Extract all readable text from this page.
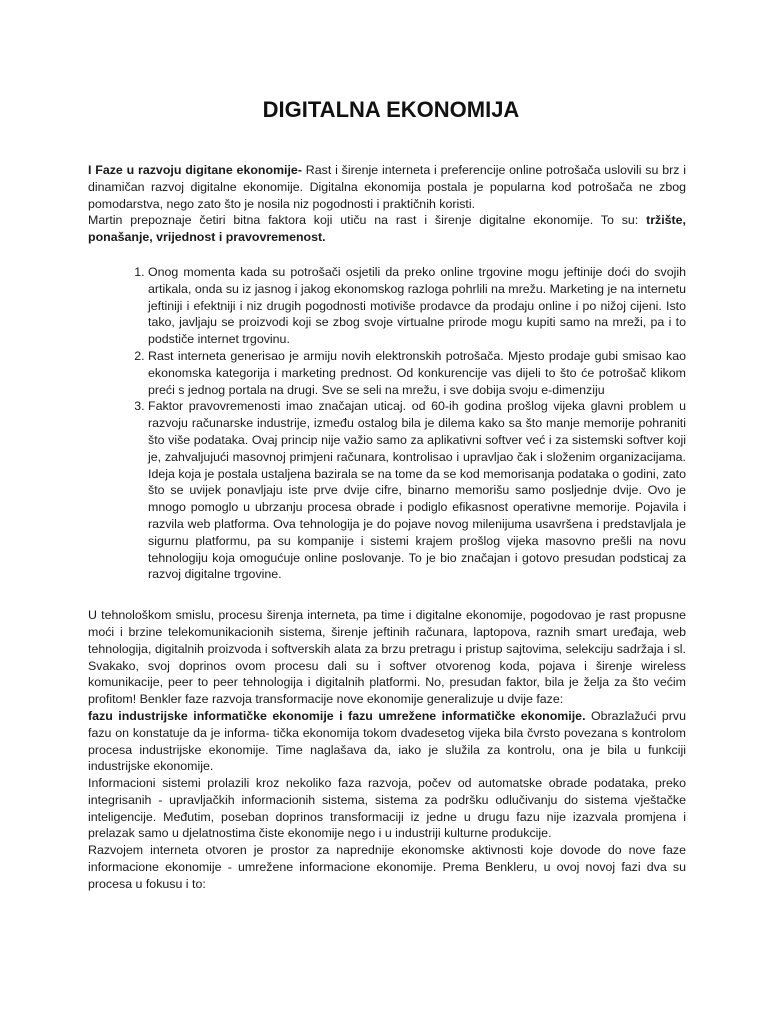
DIGITALNA EKONOMIJA

I Faze u razvoju digitane ekonomije- Rast i širenje interneta i preferencije online potrošača uslovili su brz i dinamičan razvoj digitalne ekonomije. Digitalna ekonomija postala je popularna kod potrošača ne zbog pomodarstva, nego zato što je nosila niz pogodnosti i praktičnih koristi.

Martin prepoznaje četiri bitna faktora koji utiču na rast i širenje digitalne ekonomije. To su: tržište, ponašanje, vrijednost i pravovremenost.

1. Onog momenta kada su potrošači osjetili da preko online trgovine mogu jeftinije doći do svojih artikala, onda su iz jasnog i jakog ekonomskog razloga pohrlili na mrežu. Marketing je na internetu jeftiniji i efektniji i niz drugih pogodnosti motiviše prodavce da prodaju online i po nižoj cijeni. Isto tako, javljaju se proizvodi koji se zbog svoje virtualne prirode mogu kupiti samo na mreži, pa i to podstiče internet trgovinu.
2. Rast interneta generisao je armiju novih elektronskih potrošača. Mjesto prodaje gubi smisao kao ekonomska kategorija i marketing prednost. Od konkurencije vas dijeli to što će potrošač klikom preći s jednog portala na drugi. Sve se seli na mrežu, i sve dobija svoju e-dimenziju
3. Faktor pravovremenosti imao značajan uticaj. od 60-ih godina prošlog vijeka glavni problem u razvoju računarske industrije, između ostalog bila je dilema kako sa što manje memorije pohraniti što više podataka. Ovaj princip nije važio samo za aplikativni softver već i za sistemski softver koji je, zahvaljujući masovnoj primjeni računara, kontrolisao i upravljao čak i složenim organizacijama. Ideja koja je postala ustaljena bazirala se na tome da se kod memorisanja podataka o godini, zato što se uvijek ponavljaju iste prve dvije cifre, binarno memorišu samo posljednje dvije. Ovo je mnogo pomoglo u ubrzanju procesa obrade i podiglo efikasnost operativne memorije. Pojavila i razvila web platforma. Ova tehnologija je do pojave novog milenijuma usavršena i predstavljala je sigurnu platformu, pa su kompanije i sistemi krajem prošlog vijeka masovno prešli na novu tehnologiju koja omogućuje online poslovanje. To je bio značajan i gotovo presudan podsticaj za razvoj digitalne trgovine.

U tehnološkom smislu, procesu širenja interneta, pa time i digitalne ekonomije, pogodovao je rast propusne moći i brzine telekomunikacionih sistema, širenje jeftinih računara, laptopova, raznih smart uređaja, web tehnologija, digitalnih proizvoda i softverskih alata za brzu pretragu i pristup sajtovima, selekciju sadržaja i sl. Svakako, svoj doprinos ovom procesu dali su i softver otvorenog koda, pojava i širenje wireless komunikacije, peer to peer tehnologija i digitalnih platformi. No, presudan faktor, bila je želja za što većim profitom! Benkler faze razvoja transformacije nove ekonomije generalizuje u dvije faze:

fazu industrijske informatičke ekonomije i fazu umrežene informatičke ekonomije. Obrazlažući prvu fazu on konstatuje da je informa- tička ekonomija tokom dvadesetog vijeka bila čvrsto povezana s kontrolom procesa industrijske ekonomije. Time naglašava da, iako je služila za kontrolu, ona je bila u funkciji industrijske ekonomije.

Informacioni sistemi prolazili kroz nekoliko faza razvoja, počev od automatske obrade podataka, preko integrisanih - upravljačkih informacionih sistema, sistema za podršku odlučivanju do sistema vještačke inteligencije. Međutim, poseban doprinos transformaciji iz jedne u drugu fazu nije izazvala promjena i prelazak samo u djelatnostima čiste ekonomije nego i u industriji kulturne produkcije.

Razvojem interneta otvoren je prostor za naprednije ekonomske aktivnosti koje dovode do nove faze informacione ekonomije - umrežene informacione ekonomije. Prema Benkleru, u ovoj novoj fazi dva su procesa u fokusu i to:
